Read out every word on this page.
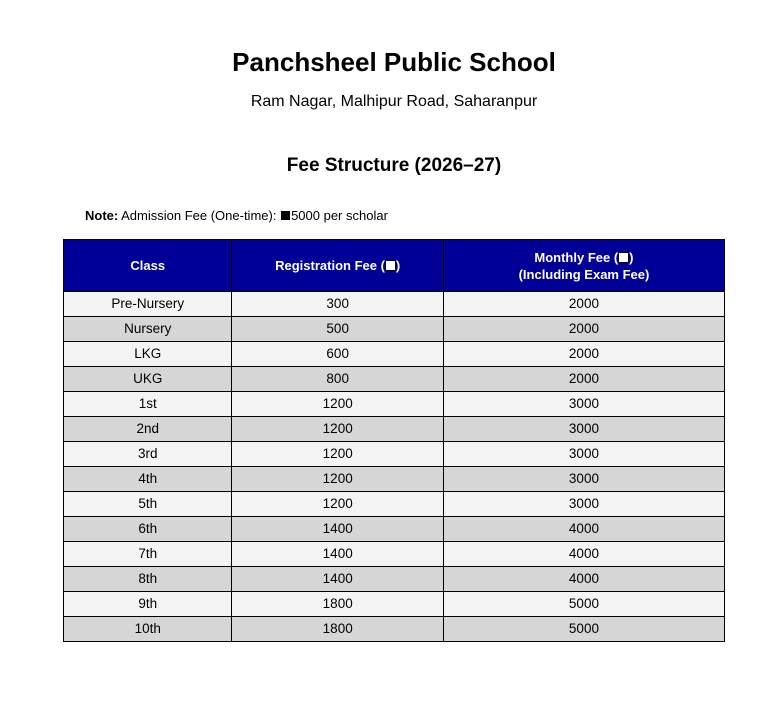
Panchsheel Public School
Ram Nagar, Malhipur Road, Saharanpur
Fee Structure (2026–27)
Note: Admission Fee (One-time): 5000 per scholar
Class	Registration Fee ( )	Monthly Fee ( )
(Including Exam Fee)
Pre-Nursery	300	2000
Nursery	500	2000
LKG	600	2000
UKG	800	2000
1st	1200	3000
2nd	1200	3000
3rd	1200	3000
4th	1200	3000
5th	1200	3000
6th	1400	4000
7th	1400	4000
8th	1400	4000
9th	1800	5000
10th	1800	5000
